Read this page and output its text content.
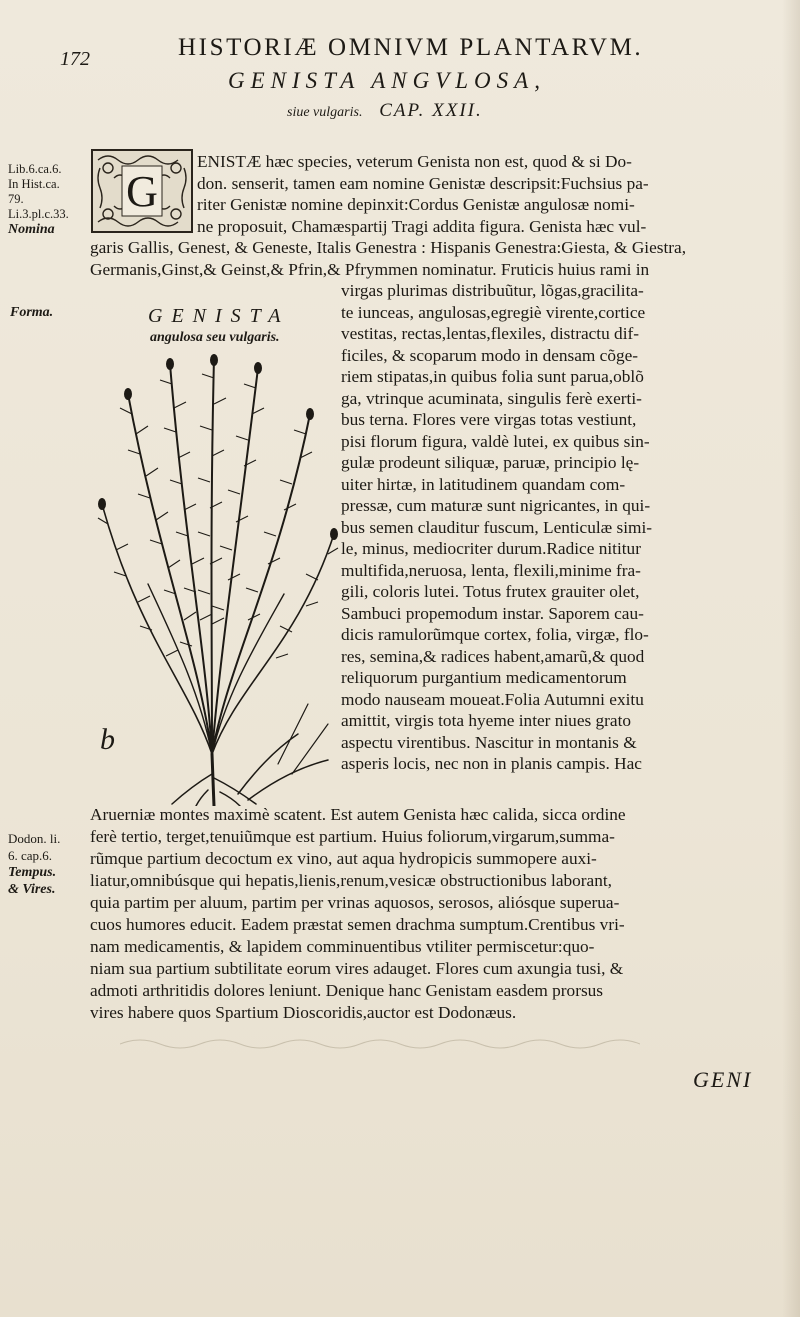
172	HISTORIÆ OMNIVM PLANTARVM.
GENISTA ANGVLOSA,
siue vulgaris. CAP. XXII.
Lib.6.ca.6.
In Hist.ca.
79.
Li.3.pl.c.33.
Nomina
Forma.
Dodon. li.
6. cap.6.
Tempus.
& Vires.
G
ENISTÆ hæc species, veterum Genista non est, quod & si Do-
don. senserit, tamen eam nomine Genistæ descripsit:Fuchsius pa-
riter Genistæ nomine depinxit:Cordus Genistæ angulosæ nomi-
ne proposuit, Chamæspartij Tragi addita figura. Genista hæc vul-
garis Gallis, Genest, & Geneste, Italis Genestra : Hispanis Genestra:Giesta, & Giestra,
Germanis,Ginst,& Geinst,& Pfrin,& Pfrymmen nominatur. Fruticis huius rami in
GENISTA
angulosa seu vulgaris.
b
virgas plurimas distribuũtur, lõgas,gracilita-
te iunceas, angulosas,egregiè virente,cortice
vestitas, rectas,lentas,flexiles, distractu dif-
ficiles, & scoparum modo in densam cõge-
riem stipatas,in quibus folia sunt parua,oblõ
ga, vtrinque acuminata, singulis ferè exerti-
bus terna. Flores vere virgas totas vestiunt,
pisi florum figura, valdè lutei, ex quibus sin-
gulæ prodeunt siliquæ, paruæ, principio lę-
uiter hirtæ, in latitudinem quandam com-
pressæ, cum maturæ sunt nigricantes, in qui-
bus semen clauditur fuscum, Lenticulæ simi-
le, minus, mediocriter durum.Radice nititur
multifida,neruosa, lenta, flexili,minime fra-
gili, coloris lutei. Totus frutex grauiter olet,
Sambuci propemodum instar. Saporem cau-
dicis ramulorũmque cortex, folia, virgæ, flo-
res, semina,& radices habent,amarũ,& quod
reliquorum purgantium medicamentorum
modo nauseam moueat.Folia Autumni exitu
amittit, virgis tota hyeme inter niues grato
aspectu virentibus. Nascitur in montanis &
asperis locis, nec non in planis campis. Hac
Aruerniæ montes maximè scatent. Est autem Genista hæc calida, sicca ordine
ferè tertio, terget,tenuiũmque est partium. Huius foliorum,virgarum,summa-
rũmque partium decoctum ex vino, aut aqua hydropicis summopere auxi-
liatur,omnibúsque qui hepatis,lienis,renum,vesicæ obstructionibus laborant,
quia partim per aluum, partim per vrinas aquosos, serosos, aliósque superua-
cuos humores educit. Eadem præstat semen drachma sumptum.Crentibus vri-
nam medicamentis, & lapidem comminuentibus vtiliter permiscetur:quo-
niam sua partium subtilitate eorum vires adauget. Flores cum axungia tusi, &
admoti arthritidis dolores leniunt. Denique hanc Genistam easdem prorsus
vires habere quos Spartium Dioscoridis,auctor est Dodonæus.
GENI
